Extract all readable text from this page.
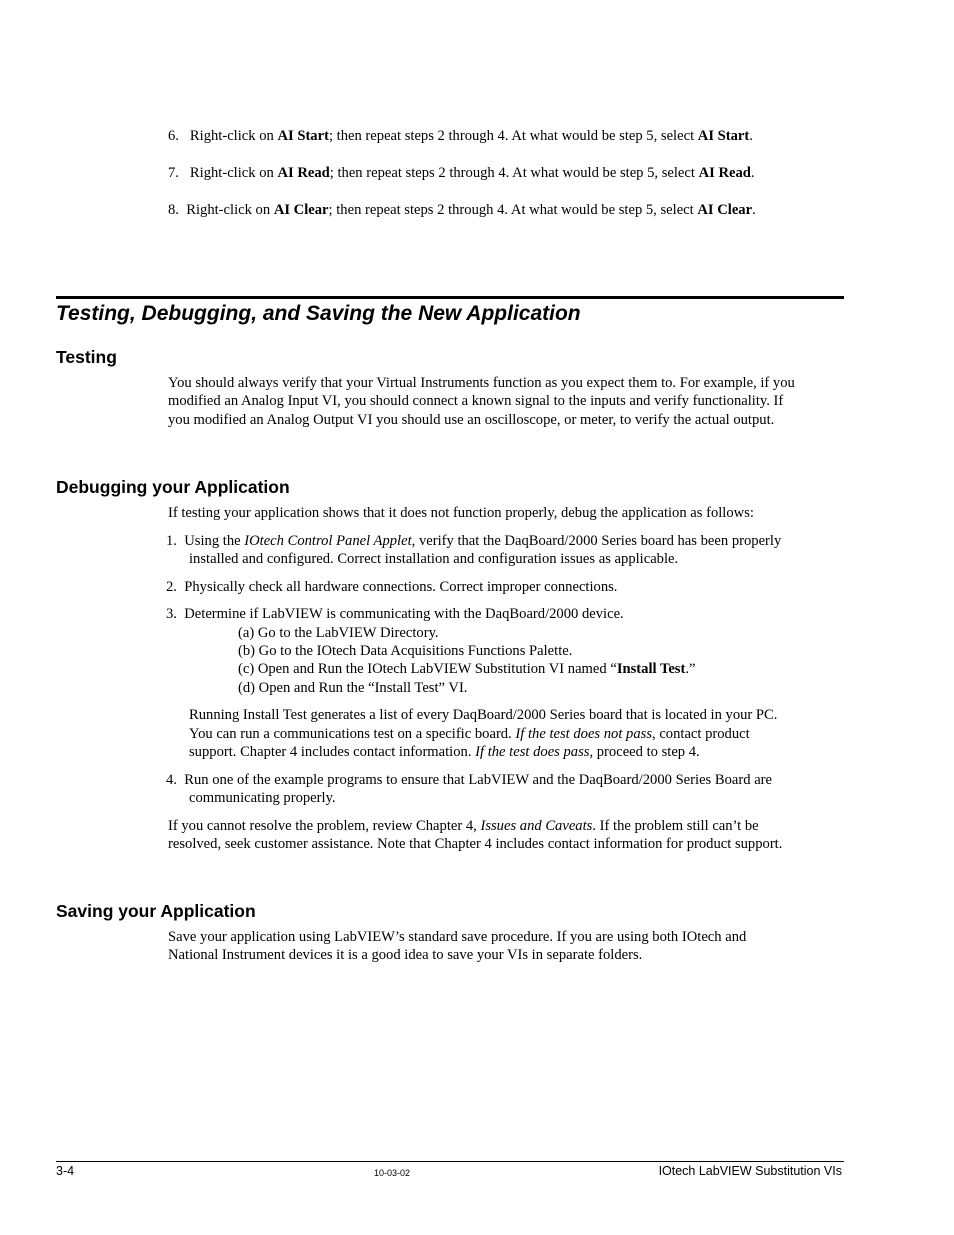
6. Right-click on AI Start; then repeat steps 2 through 4. At what would be step 5, select AI Start.
7. Right-click on AI Read; then repeat steps 2 through 4. At what would be step 5, select AI Read.
8. Right-click on AI Clear; then repeat steps 2 through 4. At what would be step 5, select AI Clear.
Testing, Debugging, and Saving the New Application
Testing
You should always verify that your Virtual Instruments function as you expect them to. For example, if you
modified an Analog Input VI, you should connect a known signal to the inputs and verify functionality. If
you modified an Analog Output VI you should use an oscilloscope, or meter, to verify the actual output.
Debugging your Application
If testing your application shows that it does not function properly, debug the application as follows:
1. Using the IOtech Control Panel Applet, verify that the DaqBoard/2000 Series board has been properly
installed and configured. Correct installation and configuration issues as applicable.
2. Physically check all hardware connections. Correct improper connections.
3. Determine if LabVIEW is communicating with the DaqBoard/2000 device.
(a) Go to the LabVIEW Directory.
(b) Go to the IOtech Data Acquisitions Functions Palette.
(c) Open and Run the IOtech LabVIEW Substitution VI named “Install Test.”
(d) Open and Run the “Install Test” VI.
Running Install Test generates a list of every DaqBoard/2000 Series board that is located in your PC.
You can run a communications test on a specific board. If the test does not pass, contact product
support. Chapter 4 includes contact information. If the test does pass, proceed to step 4.
4. Run one of the example programs to ensure that LabVIEW and the DaqBoard/2000 Series Board are
communicating properly.
If you cannot resolve the problem, review Chapter 4, Issues and Caveats. If the problem still can’t be
resolved, seek customer assistance. Note that Chapter 4 includes contact information for product support.
Saving your Application
Save your application using LabVIEW’s standard save procedure. If you are using both IOtech and
National Instrument devices it is a good idea to save your VIs in separate folders.
3-4	10-03-02	IOtech LabVIEW Substitution VIs
